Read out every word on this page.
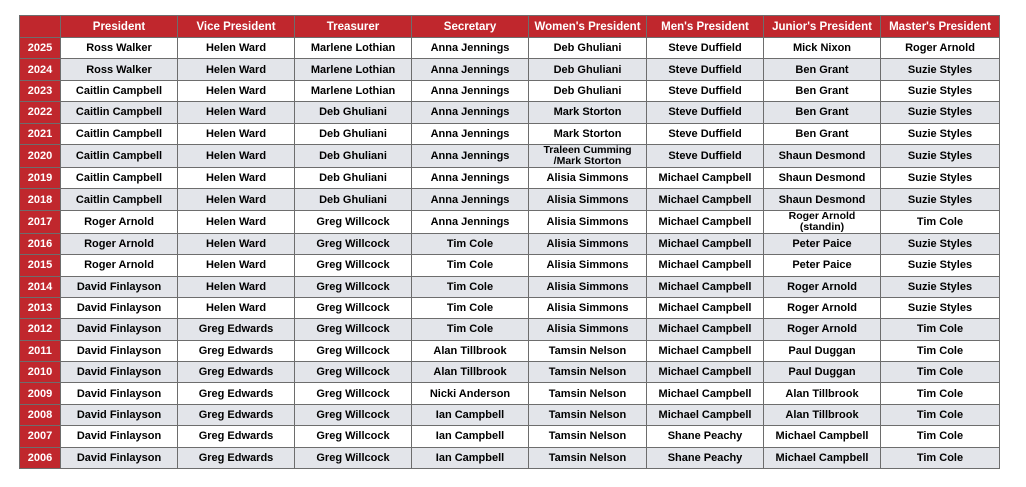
	President	Vice President	Treasurer	Secretary	Women's President	Men's President	Junior's President	Master's President
2025	Ross Walker	Helen Ward	Marlene Lothian	Anna Jennings	Deb Ghuliani	Steve Duffield	Mick Nixon	Roger Arnold
2024	Ross Walker	Helen Ward	Marlene Lothian	Anna Jennings	Deb Ghuliani	Steve Duffield	Ben Grant	Suzie Styles
2023	Caitlin Campbell	Helen Ward	Marlene Lothian	Anna Jennings	Deb Ghuliani	Steve Duffield	Ben Grant	Suzie Styles
2022	Caitlin Campbell	Helen Ward	Deb Ghuliani	Anna Jennings	Mark Storton	Steve Duffield	Ben Grant	Suzie Styles
2021	Caitlin Campbell	Helen Ward	Deb Ghuliani	Anna Jennings	Mark Storton	Steve Duffield	Ben Grant	Suzie Styles
2020	Caitlin Campbell	Helen Ward	Deb Ghuliani	Anna Jennings	Traleen Cumming /Mark Storton	Steve Duffield	Shaun Desmond	Suzie Styles
2019	Caitlin Campbell	Helen Ward	Deb Ghuliani	Anna Jennings	Alisia Simmons	Michael Campbell	Shaun Desmond	Suzie Styles
2018	Caitlin Campbell	Helen Ward	Deb Ghuliani	Anna Jennings	Alisia Simmons	Michael Campbell	Shaun Desmond	Suzie Styles
2017	Roger Arnold	Helen Ward	Greg Willcock	Anna Jennings	Alisia Simmons	Michael Campbell	Roger Arnold (standin)	Tim Cole
2016	Roger Arnold	Helen Ward	Greg Willcock	Tim Cole	Alisia Simmons	Michael Campbell	Peter Paice	Suzie Styles
2015	Roger Arnold	Helen Ward	Greg Willcock	Tim Cole	Alisia Simmons	Michael Campbell	Peter Paice	Suzie Styles
2014	David Finlayson	Helen Ward	Greg Willcock	Tim Cole	Alisia Simmons	Michael Campbell	Roger Arnold	Suzie Styles
2013	David Finlayson	Helen Ward	Greg Willcock	Tim Cole	Alisia Simmons	Michael Campbell	Roger Arnold	Suzie Styles
2012	David Finlayson	Greg Edwards	Greg Willcock	Tim Cole	Alisia Simmons	Michael Campbell	Roger Arnold	Tim Cole
2011	David Finlayson	Greg Edwards	Greg Willcock	Alan Tillbrook	Tamsin Nelson	Michael Campbell	Paul Duggan	Tim Cole
2010	David Finlayson	Greg Edwards	Greg Willcock	Alan Tillbrook	Tamsin Nelson	Michael Campbell	Paul Duggan	Tim Cole
2009	David Finlayson	Greg Edwards	Greg Willcock	Nicki Anderson	Tamsin Nelson	Michael Campbell	Alan Tillbrook	Tim Cole
2008	David Finlayson	Greg Edwards	Greg Willcock	Ian Campbell	Tamsin Nelson	Michael Campbell	Alan Tillbrook	Tim Cole
2007	David Finlayson	Greg Edwards	Greg Willcock	Ian Campbell	Tamsin Nelson	Shane Peachy	Michael Campbell	Tim Cole
2006	David Finlayson	Greg Edwards	Greg Willcock	Ian Campbell	Tamsin Nelson	Shane Peachy	Michael Campbell	Tim Cole
